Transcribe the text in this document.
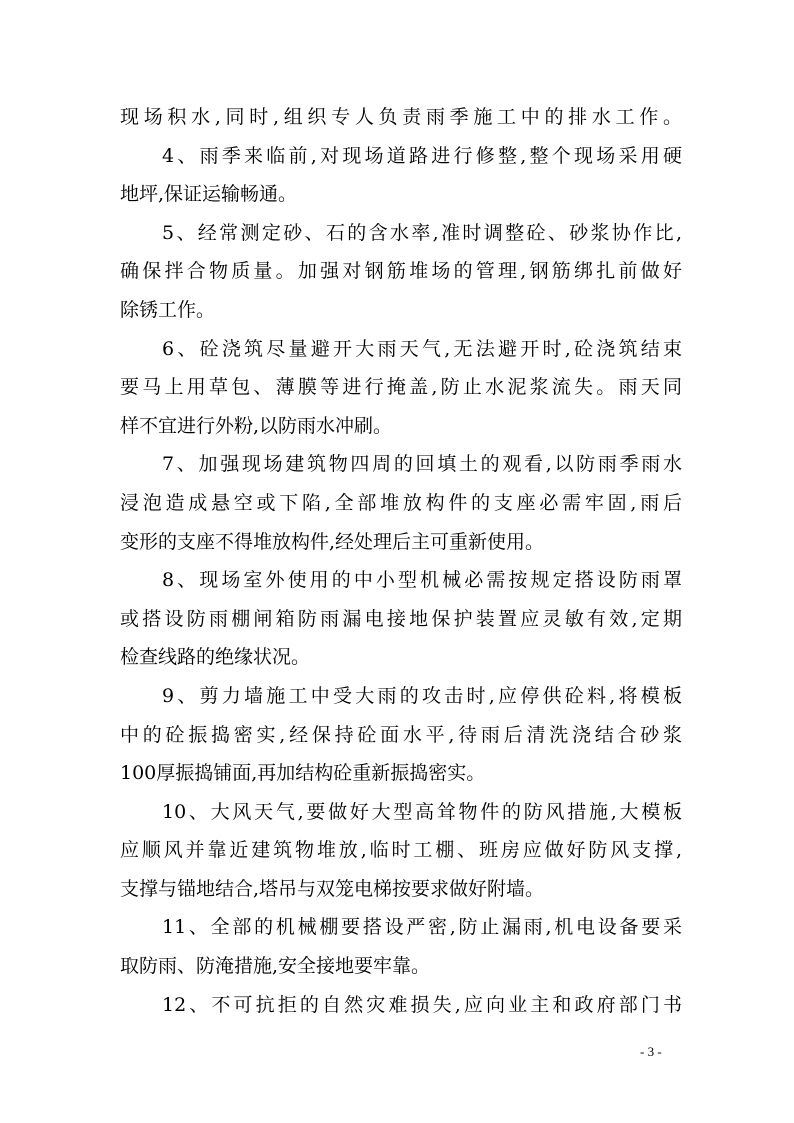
现场积水,同时,组织专人负责雨季施工中的排水工作。
4、雨季来临前,对现场道路进行修整,整个现场采用硬
地坪,保证运输畅通。
5、经常测定砂、石的含水率,准时调整砼、砂浆协作比,
确保拌合物质量。加强对钢筋堆场的管理,钢筋绑扎前做好
除锈工作。
6、砼浇筑尽量避开大雨天气,无法避开时,砼浇筑结束
要马上用草包、薄膜等进行掩盖,防止水泥浆流失。雨天同
样不宜进行外粉,以防雨水冲刷。
7、加强现场建筑物四周的回填土的观看,以防雨季雨水
浸泡造成悬空或下陷,全部堆放构件的支座必需牢固,雨后
变形的支座不得堆放构件,经处理后主可重新使用。
8、现场室外使用的中小型机械必需按规定搭设防雨罩
或搭设防雨棚闸箱防雨漏电接地保护装置应灵敏有效,定期
检查线路的绝缘状况。
9、剪力墙施工中受大雨的攻击时,应停供砼料,将模板
中的砼振捣密实,经保持砼面水平,待雨后清洗浇结合砂浆
100厚振捣铺面,再加结构砼重新振捣密实。
10、大风天气,要做好大型高耸物件的防风措施,大模板
应顺风并靠近建筑物堆放,临时工棚、班房应做好防风支撑,
支撑与锚地结合,塔吊与双笼电梯按要求做好附墙。
11、全部的机械棚要搭设严密,防止漏雨,机电设备要采
取防雨、防淹措施,安全接地要牢靠。
12、不可抗拒的自然灾难损失,应向业主和政府部门书
- 3 -
